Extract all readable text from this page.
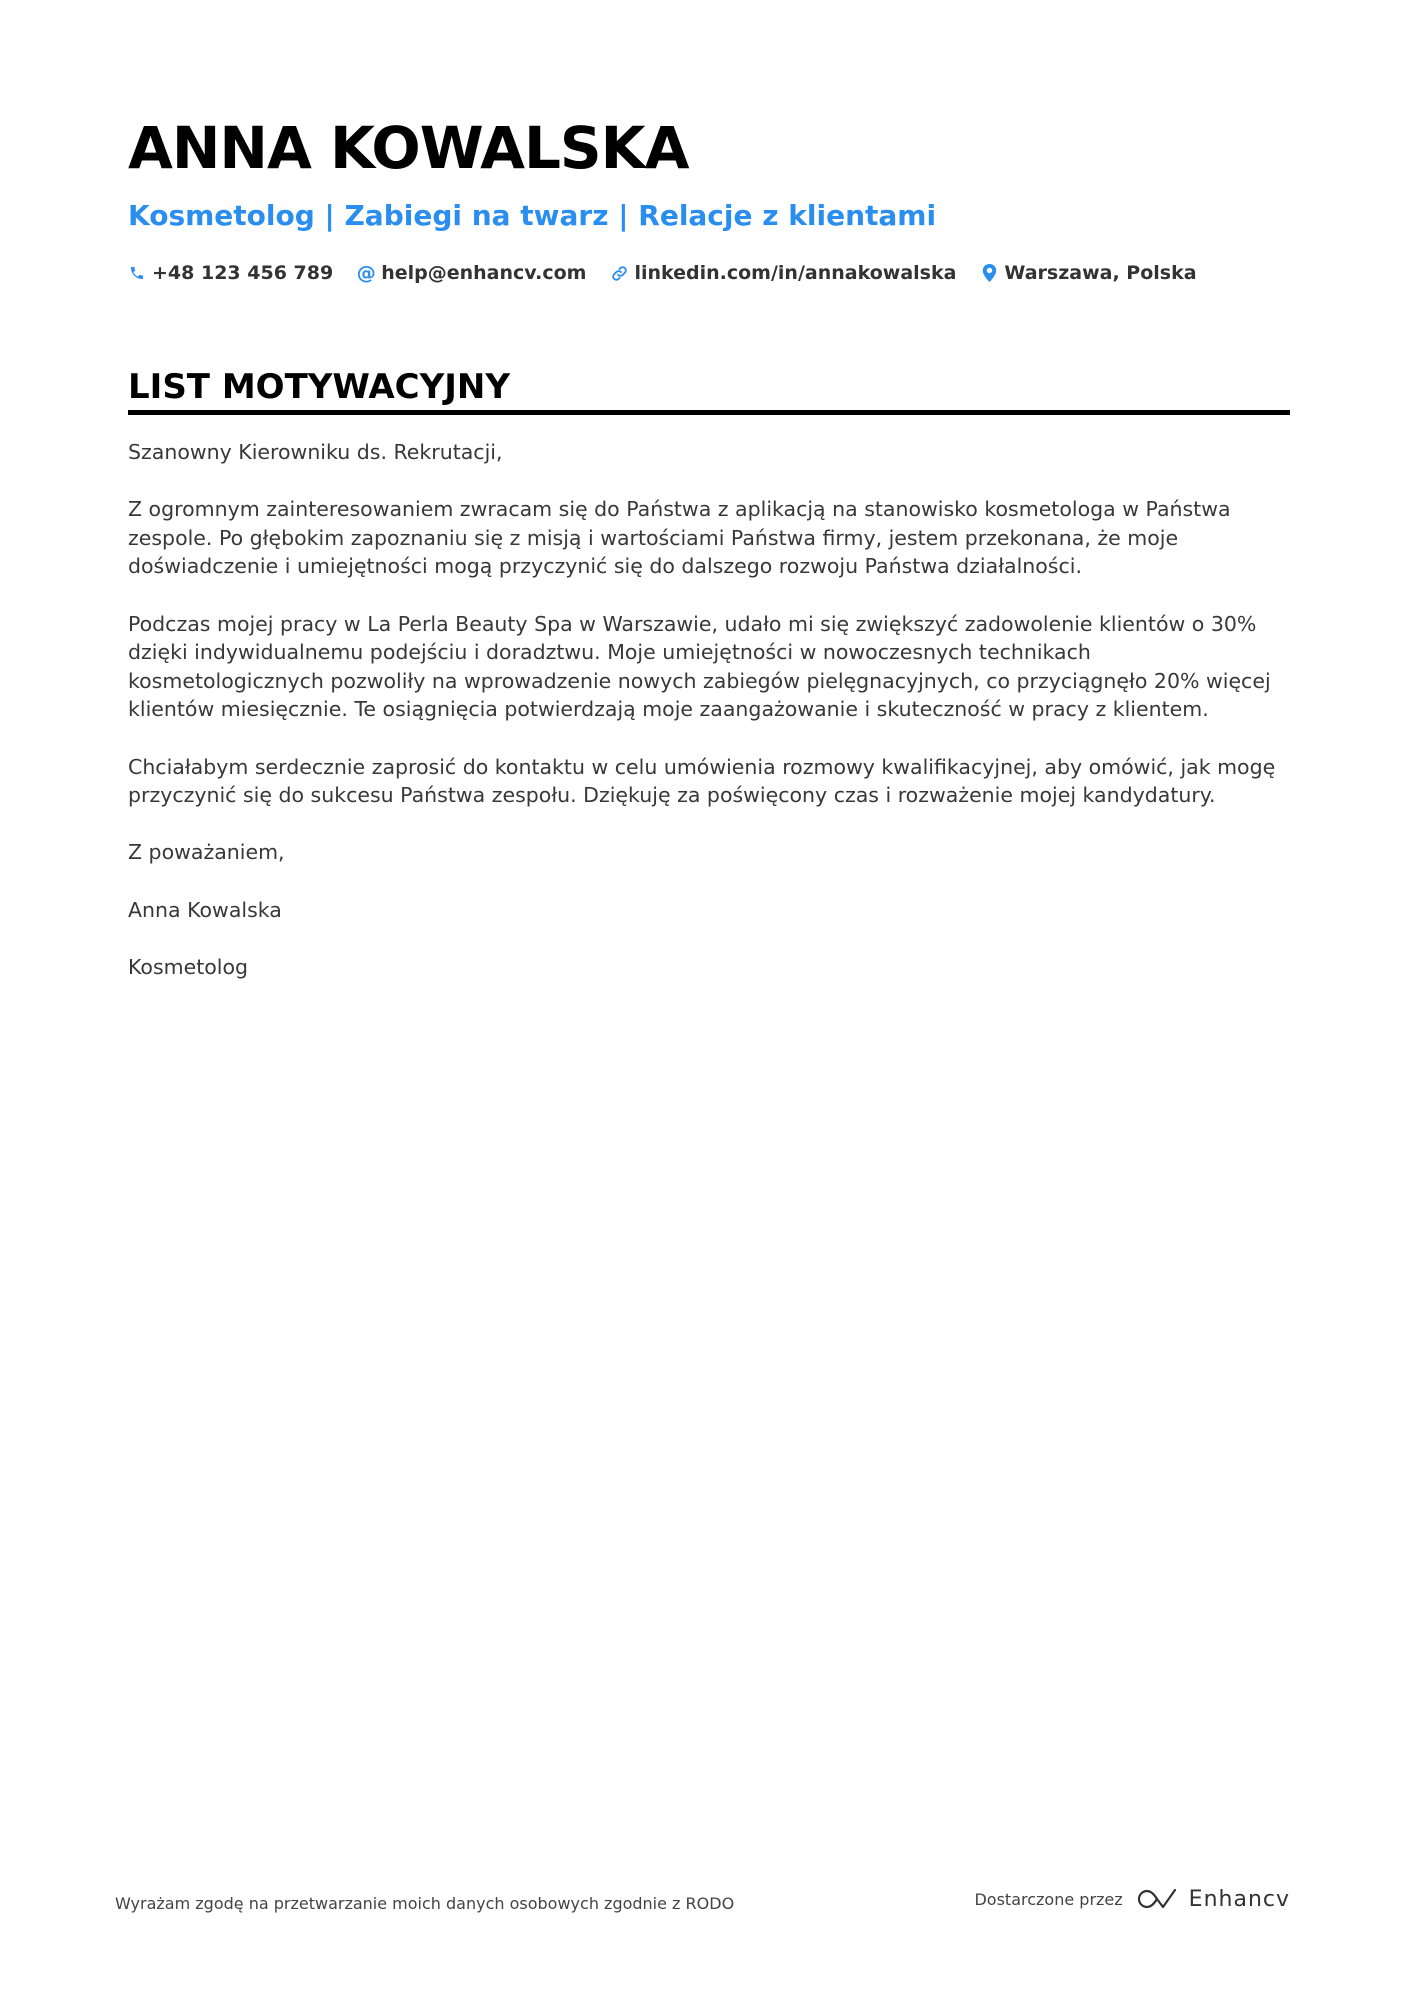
ANNA KOWALSKA
Kosmetolog | Zabiegi na twarz | Relacje z klientami
+48 123 456 789 @ help@enhancv.com	linkedin.com/in/annakowalska	Warszawa, Polska
LIST MOTYWACYJNY

Szanowny Kierowniku ds. Rekrutacji,

Z ogromnym zainteresowaniem zwracam się do Państwa z aplikacją na stanowisko kosmetologa w Państwa zespole. Po głębokim zapoznaniu się z misją i wartościami Państwa firmy, jestem przekonana, że moje doświadczenie i umiejętności mogą przyczynić się do dalszego rozwoju Państwa działalności.

Podczas mojej pracy w La Perla Beauty Spa w Warszawie, udało mi się zwiększyć zadowolenie klientów o 30% dzięki indywidualnemu podejściu i doradztwu. Moje umiejętności w nowoczesnych technikach kosmetologicznych pozwoliły na wprowadzenie nowych zabiegów pielęgnacyjnych, co przyciągnęło 20% więcej klientów miesięcznie. Te osiągnięcia potwierdzają moje zaangażowanie i skuteczność w pracy z klientem.

Chciałabym serdecznie zaprosić do kontaktu w celu umówienia rozmowy kwalifikacyjnej, aby omówić, jak mogę przyczynić się do sukcesu Państwa zespołu. Dziękuję za poświęcony czas i rozważenie mojej kandydatury.

Z poważaniem,

Anna Kowalska

Kosmetolog

Wyrażam zgodę na przetwarzanie moich danych osobowych zgodnie z RODO	Dostarczone przez	Enhancv
